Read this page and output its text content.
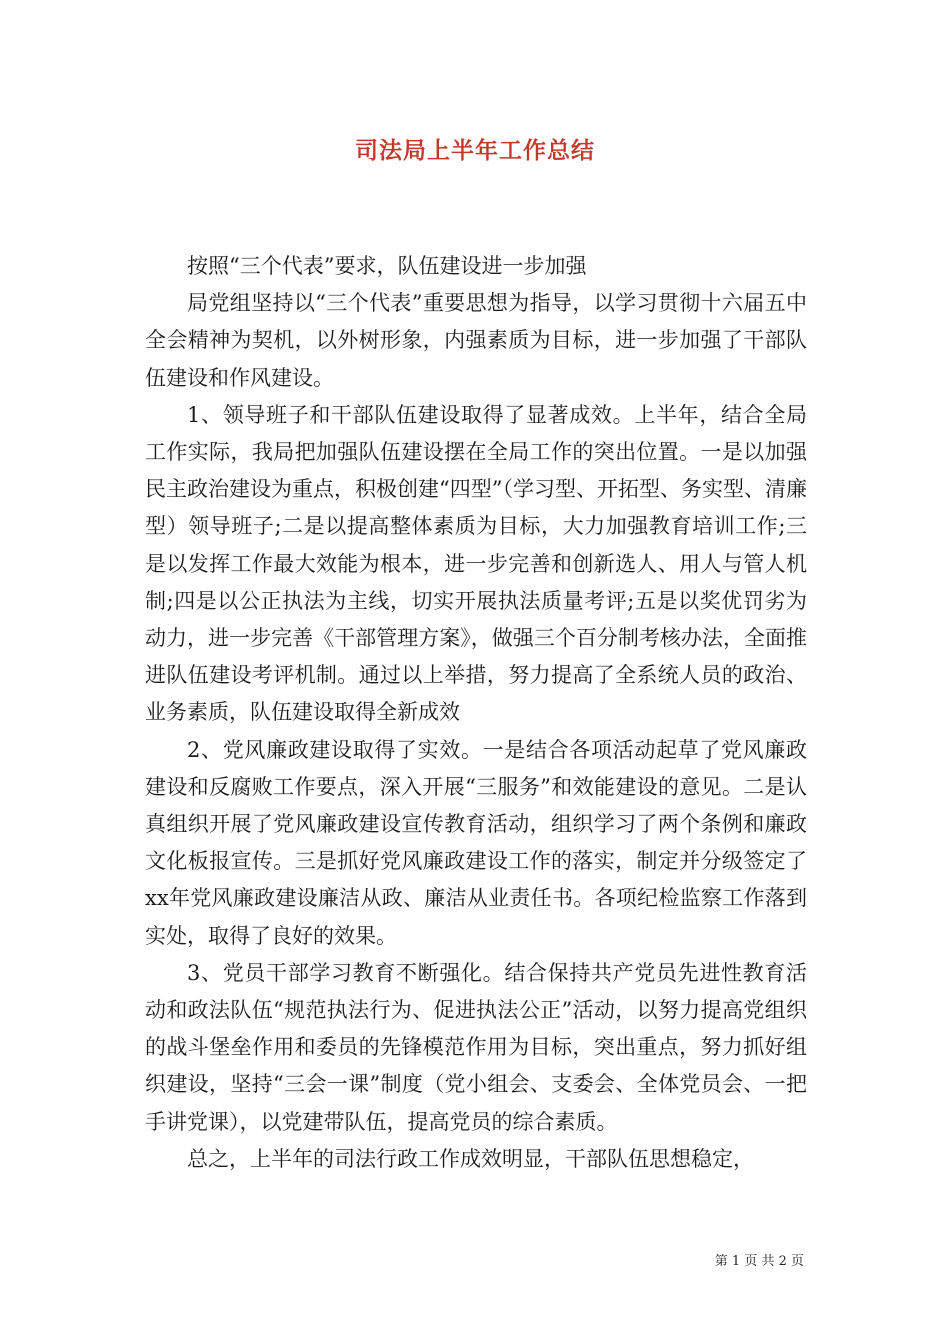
司法局上半年工作总结

按照“三个代表”要求，队伍建设进一步加强

局党组坚持以“三个代表”重要思想为指导，以学习贯彻十六届五中全会精神为契机，以外树形象，内强素质为目标，进一步加强了干部队伍建设和作风建设。

1、领导班子和干部队伍建设取得了显著成效。上半年，结合全局工作实际，我局把加强队伍建设摆在全局工作的突出位置。一是以加强民主政治建设为重点，积极创建“四型”（学习型、开拓型、务实型、清廉型）领导班子;二是以提高整体素质为目标，大力加强教育培训工作;三是以发挥工作最大效能为根本，进一步完善和创新选人、用人与管人机制;四是以公正执法为主线，切实开展执法质量考评;五是以奖优罚劣为动力，进一步完善《干部管理方案》，做强三个百分制考核办法，全面推进队伍建设考评机制。通过以上举措，努力提高了全系统人员的政治、业务素质，队伍建设取得全新成效

2、党风廉政建设取得了实效。一是结合各项活动起草了党风廉政建设和反腐败工作要点，深入开展“三服务”和效能建设的意见。二是认真组织开展了党风廉政建设宣传教育活动，组织学习了两个条例和廉政文化板报宣传。三是抓好党风廉政建设工作的落实，制定并分级签定了xx年党风廉政建设廉洁从政、廉洁从业责任书。各项纪检监察工作落到实处，取得了良好的效果。

3、党员干部学习教育不断强化。结合保持共产党员先进性教育活动和政法队伍“规范执法行为、促进执法公正”活动，以努力提高党组织的战斗堡垒作用和委员的先锋模范作用为目标，突出重点，努力抓好组织建设，坚持“三会一课”制度（党小组会、支委会、全体党员会、一把手讲党课），以党建带队伍，提高党员的综合素质。

总之，上半年的司法行政工作成效明显，干部队伍思想稳定，

第 1 页 共 2 页
